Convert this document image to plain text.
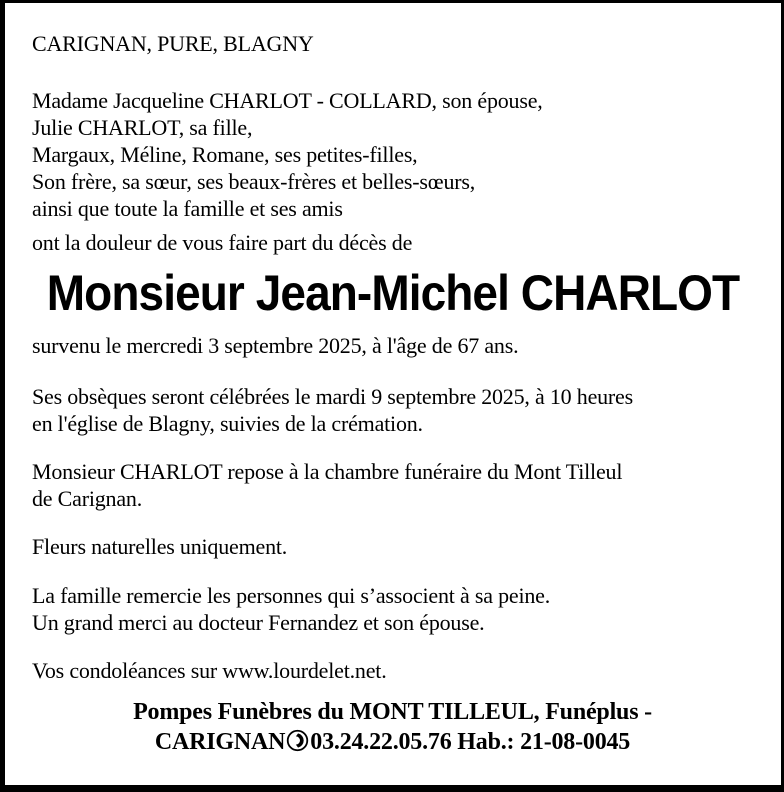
CARIGNAN, PURE, BLAGNY

Madame Jacqueline CHARLOT - COLLARD, son épouse,
Julie CHARLOT, sa fille,
Margaux, Méline, Romane, ses petites-filles,
Son frère, sa sœur, ses beaux-frères et belles-sœurs,
ainsi que toute la famille et ses amis

ont la douleur de vous faire part du décès de

Monsieur Jean-Michel CHARLOT

survenu le mercredi 3 septembre 2025, à l'âge de 67 ans.

Ses obsèques seront célébrées le mardi 9 septembre 2025, à 10 heures
en l'église de Blagny, suivies de la crémation.

Monsieur CHARLOT repose à la chambre funéraire du Mont Tilleul
de Carignan.

Fleurs naturelles uniquement.

La famille remercie les personnes qui s’associent à sa peine.
Un grand merci au docteur Fernandez et son épouse.

Vos condoléances sur www.lourdelet.net.

Pompes Funèbres du MONT TILLEUL, Funéplus -
CARIGNAN 03.24.22.05.76 Hab.: 21-08-0045
